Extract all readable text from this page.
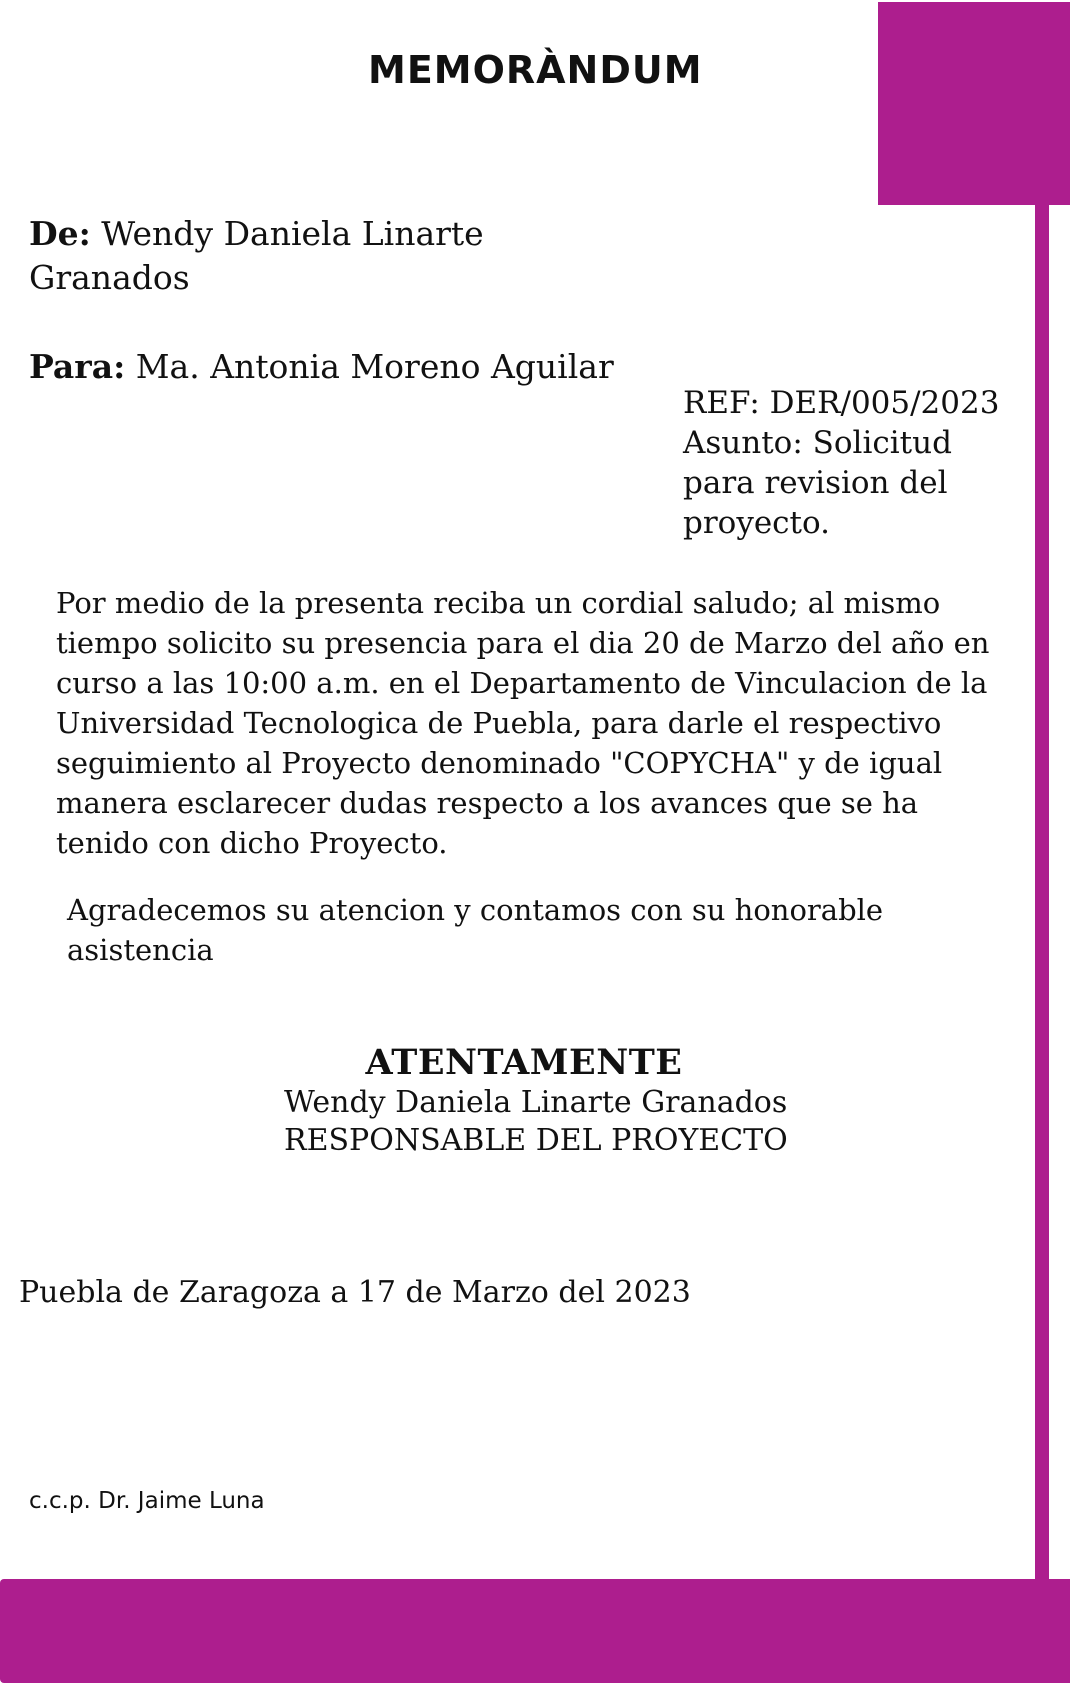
MEMORÀNDUM
De: Wendy Daniela Linarte Granados
Para: Ma. Antonia Moreno Aguilar
REF: DER/005/2023
Asunto: Solicitud para revision del proyecto.
Por medio de la presenta reciba un cordial saludo; al mismo tiempo solicito su presencia para el dia 20 de Marzo del año en curso a las 10:00 a.m. en el Departamento de Vinculacion de la Universidad Tecnologica de Puebla, para darle el respectivo seguimiento al Proyecto denominado "COPYCHA" y de igual manera esclarecer dudas respecto a los avances que se ha tenido con dicho Proyecto.
Agradecemos su atencion y contamos con su honorable asistencia
ATENTAMENTE
Wendy Daniela Linarte Granados
RESPONSABLE DEL PROYECTO
Puebla de Zaragoza a 17 de Marzo del 2023
c.c.p. Dr. Jaime Luna
